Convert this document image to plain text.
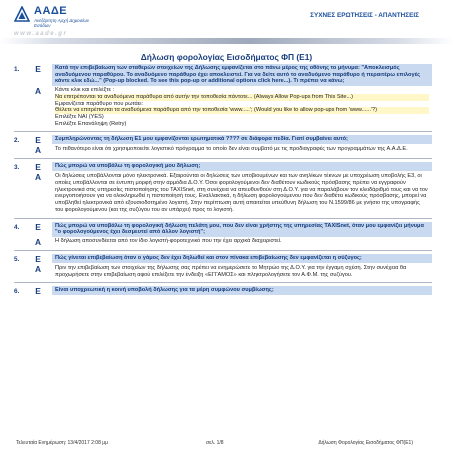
ΑΑΔΕ
Ανεξάρτητη Αρχή Δημοσίων Εσόδων
ΣΥΧΝΕΣ ΕΡΩΤΗΣΕΙΣ - ΑΠΑΝΤΗΣΕΙΣ
www.aade.gr
Δήλωση φορολογίας Εισοδήματος ΦΠ (Ε1)
1.	Ε	Κατά την επιβεβαίωση των σταθερών στοιχείων της Δήλωσης εμφανίζεται στο πάνω μέρος της οθόνης το μήνυμα: "Αποκλεισμός αναδυόμενου παραθύρου. Το αναδυόμενο παράθυρο έχει αποκλειστεί. Για να δείτε αυτό το αναδυόμενο παράθυρο ή περαιτέρω επιλογές κάντε κλικ εδώ..." (Pop-up blocked. To see this pop-up or additional options click here...). Τι πρέπει να κάνω;
Α	Κάντε κλικ και επιλέξτε :

Να επιτρέπονται τα αναδυόμενα παράθυρα από αυτήν την τοποθεσία πάντοτε... (Always Allow Pop-ups from This Site...)

Εμφανίζεται παράθυρο που ρωτάει:

Θέλετε να επιτρέπονται τα αναδυόμενα παράθυρα από την τοποθεσία 'www.....'; (Would you like to allow pop-ups from 'www......'?)

Επιλέξτε ΝΑΙ (YES)

Επιλέξτε Επανάληψη (Retry)

2.	Ε	Συμπληρώνοντας τη δήλωση Ε1 μου εμφανίζονται ερωτηματικά ???? σε διάφορα πεδία. Γιατί συμβαίνει αυτό;
Α	Το πιθανότερο είναι ότι χρησιμοποιείτε λογιστικό πρόγραμμα το οποίο δεν είναι συμβατό με τις προδιαγραφές των προγραμμάτων της Α.Α.Δ.Ε.

3.	Ε	Πώς μπορώ να υποβάλω τη φορολογική μου δήλωση;
Α	Οι δηλώσεις υποβάλλονται μόνο ηλεκτρονικά. Εξαιρούνται οι δηλώσεις των υποβιουμένων και των ανηλίκων τέκνων με υποχρέωση υποβολής Ε3, οι οποίες υποβάλλονται σε έντυπη μορφή στην αρμόδια Δ.Ο.Υ. Όσοι φορολογούμενοι δεν διαθέτουν κωδικούς πρόσβασης πρέπει να εγγραφούν ηλεκτρονικά στις υπηρεσίες πιστοποίησης του TAXISnet, στη συνέχεια να απευθυνθούν στη Δ.Ο.Υ. για να παραλάβουν τον κλειδάριθμό τους και να τον ενεργοποιήσουν για να ολοκληρωθεί η πιστοποίησή τους. Εναλλακτικά, η δήλωση φορολογούμενου που δεν διαθέτει κωδικούς πρόσβασης, μπορεί να υποβληθεί ηλεκτρονικά από εξουσιοδοτημένο λογιστή. Στην περίπτωση αυτή απαιτείται υπεύθυνη δήλωση του Ν.1599/86 με γνήσιο της υπογραφής του φορολογούμενου (και της συζύγου του αν υπάρχει) προς το λογιστή.

4.	Ε	Πώς μπορώ να υποβάλω τη φορολογική δήλωση πελάτη μου, που δεν είναι χρήστης της υπηρεσίας TAXISnet, όταν μου εμφανίζει μήνυμα "ο φορολογούμενος έχει δεσμευτεί από άλλον λογιστή";
Α	Η δήλωση αποσυνδέεται από τον ίδιο λογιστή-φοροτεχνικό που την έχει αρχικά διαχειριστεί.

5.	Ε	Πώς γίνεται επιβεβαίωση όταν ο γάμος δεν έχει δηλωθεί και στον πίνακα επιβεβαίωσης δεν εμφανίζεται η σύζυγος;
Α	Πριν την επιβεβαίωση των στοιχείων της δήλωσης σας πρέπει να ενημερώσετε το Μητρώο της Δ.Ο.Υ. για την έγγαμη σχέση. Στην συνέχεια θα προχωρήσετε στην επιβεβαίωση αφού επιλέξετε την ένδειξη «ΕΓΓΑΜΟΣ» και πληκτρολογήσετε τον Α.Φ.Μ. της συζύγου.

6.	Ε	Είναι υποχρεωτική η κοινή υποβολή δήλωσης για τα μέρη συμφώνου συμβίωσης;
Τελευταία Ενημέρωση: 13/4/2017 2:08 μμ	σελ. 1/8	Δήλωση Φορολογίας Εισοδήματος ΦΠ(Ε1)
